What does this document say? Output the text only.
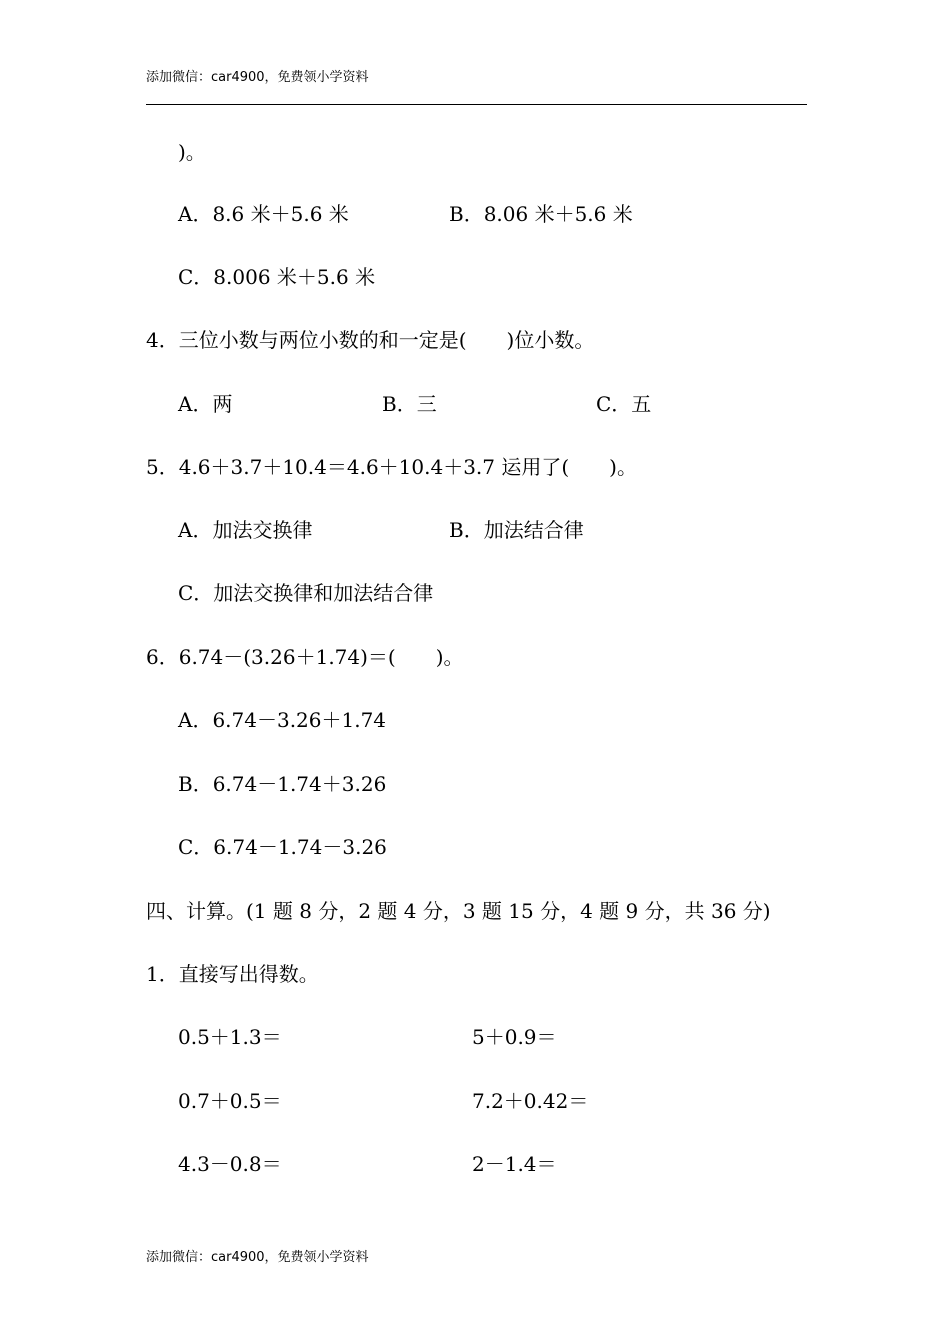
添加微信：car4900，免费领小学资料
)。
A．8.6 米＋5.6 米	B．8.06 米＋5.6 米
C．8.006 米＋5.6 米
4．三位小数与两位小数的和一定是(　　)位小数。
A．两	B．三	C．五
5．4.6＋3.7＋10.4＝4.6＋10.4＋3.7 运用了(　　)。
A．加法交换律	B．加法结合律
C．加法交换律和加法结合律
6．6.74－(3.26＋1.74)＝(　　)。
A．6.74－3.26＋1.74
B．6.74－1.74＋3.26
C．6.74－1.74－3.26
四、计算。(1 题 8 分，2 题 4 分，3 题 15 分，4 题 9 分，共 36 分)
1．直接写出得数。
0.5＋1.3＝	5＋0.9＝
0.7＋0.5＝	7.2＋0.42＝
4.3－0.8＝	2－1.4＝
添加微信：car4900，免费领小学资料
